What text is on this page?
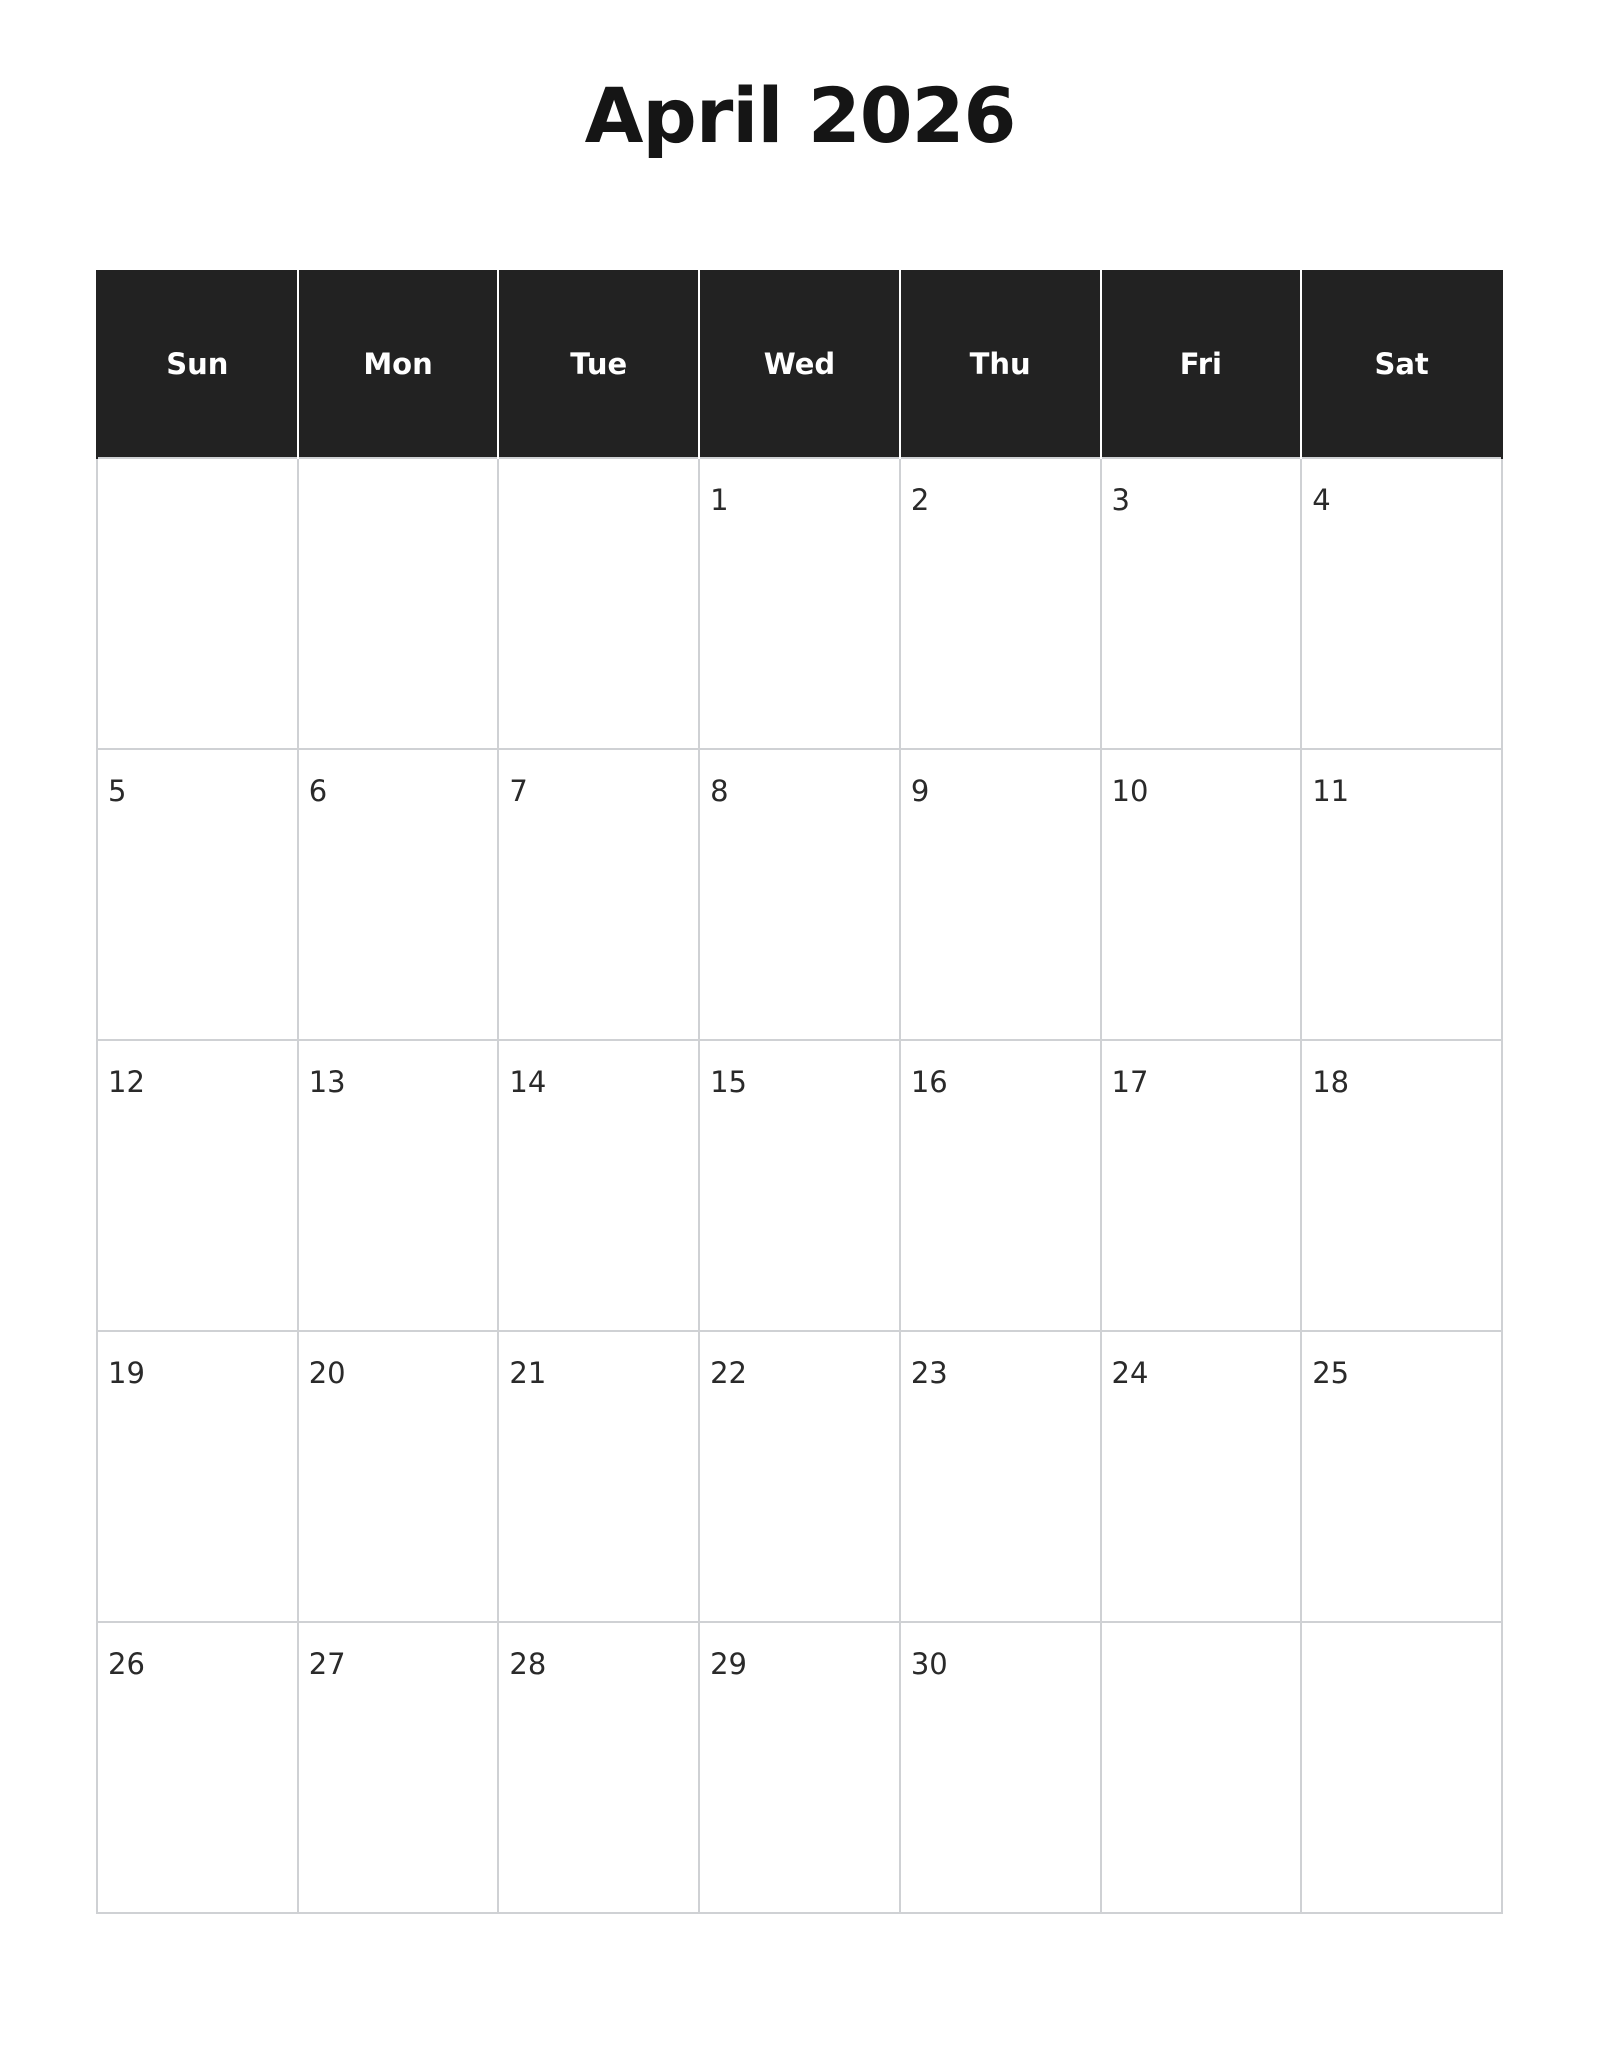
April 2026
Sun	Mon	Tue	Wed	Thu	Fri	Sat

			1	2	3	4

5	6	7	8	9	10	11

12	13	14	15	16	17	18

19	20	21	22	23	24	25

26	27	28	29	30		
